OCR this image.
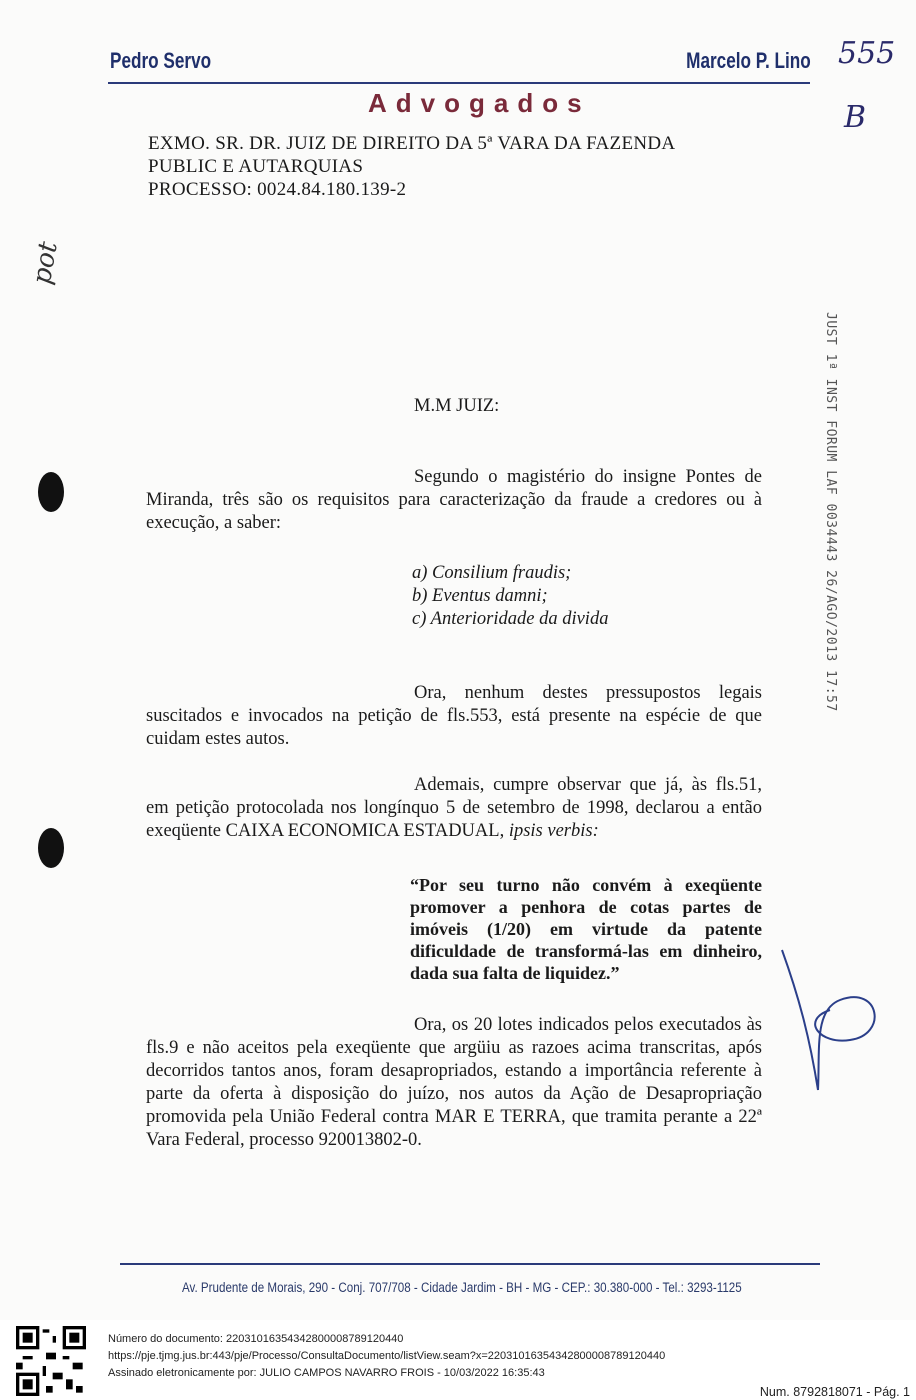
Pedro Servo	Marcelo P. Lino
Advogados
555
B
pot
EXMO. SR. DR. JUIZ DE DIREITO DA 5ª VARA DA FAZENDA
PUBLIC E AUTARQUIAS
PROCESSO: 0024.84.180.139-2
JUST 1ª INST FORUM LAF 0034443 26/AGO/2013 17:57
M.M JUIZ:
Segundo o magistério do insigne Pontes de Miranda, três são os requisitos para caracterização da fraude a credores ou à execução, a saber:
a) Consilium fraudis;
b) Eventus damni;
c) Anterioridade da divida
Ora, nenhum destes pressupostos legais suscitados e invocados na petição de fls.553, está presente na espécie de que cuidam estes autos.
Ademais, cumpre observar que já, às fls.51, em petição protocolada nos longínquo 5 de setembro de 1998, declarou a então exeqüente CAIXA ECONOMICA ESTADUAL, ipsis verbis:
“Por seu turno não convém à exeqüente promover a penhora de cotas partes de imóveis (1/20) em virtude da patente dificuldade de transformá-las em dinheiro, dada sua falta de liquidez.”
Ora, os 20 lotes indicados pelos executados às fls.9 e não aceitos pela exeqüente que argüiu as razoes acima transcritas, após decorridos tantos anos, foram desapropriados, estando a importância referente à parte da oferta à disposição do juízo, nos autos da Ação de Desapropriação promovida pela União Federal contra MAR E TERRA, que tramita perante a 22ª Vara Federal, processo 920013802-0.
Av. Prudente de Morais, 290 - Conj. 707/708 - Cidade Jardim - BH - MG - CEP.: 30.380-000 - Tel.: 3293-1125
Número do documento: 22031016354342800008789120440
https://pje.tjmg.jus.br:443/pje/Processo/ConsultaDocumento/listView.seam?x=22031016354342800008789120440
Assinado eletronicamente por: JULIO CAMPOS NAVARRO FROIS - 10/03/2022 16:35:43
Num. 8792818071 - Pág. 1
